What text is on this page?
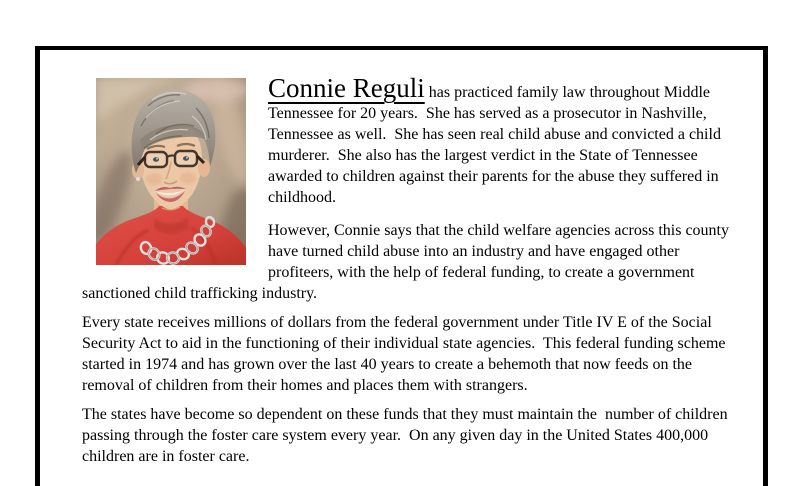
Connie Reguli has practiced family law throughout Middle Tennessee for 20 years.  She has served as a prosecutor in Nashville, Tennessee as well.  She has seen real child abuse and convicted a child murderer.  She also has the largest verdict in the State of Tennessee awarded to children against their parents for the abuse they suffered in childhood.

However, Connie says that the child welfare agencies across this county have turned child abuse into an industry and have engaged other profiteers, with the help of federal funding, to create a government sanctioned child trafficking industry.

Every state receives millions of dollars from the federal government under Title IV E of the Social Security Act to aid in the functioning of their individual state agencies.  This federal funding scheme started in 1974 and has grown over the last 40 years to create a behemoth that now feeds on the removal of children from their homes and places them with strangers.

The states have become so dependent on these funds that they must maintain the  number of children passing through the foster care system every year.  On any given day in the United States 400,000 children are in foster care.
